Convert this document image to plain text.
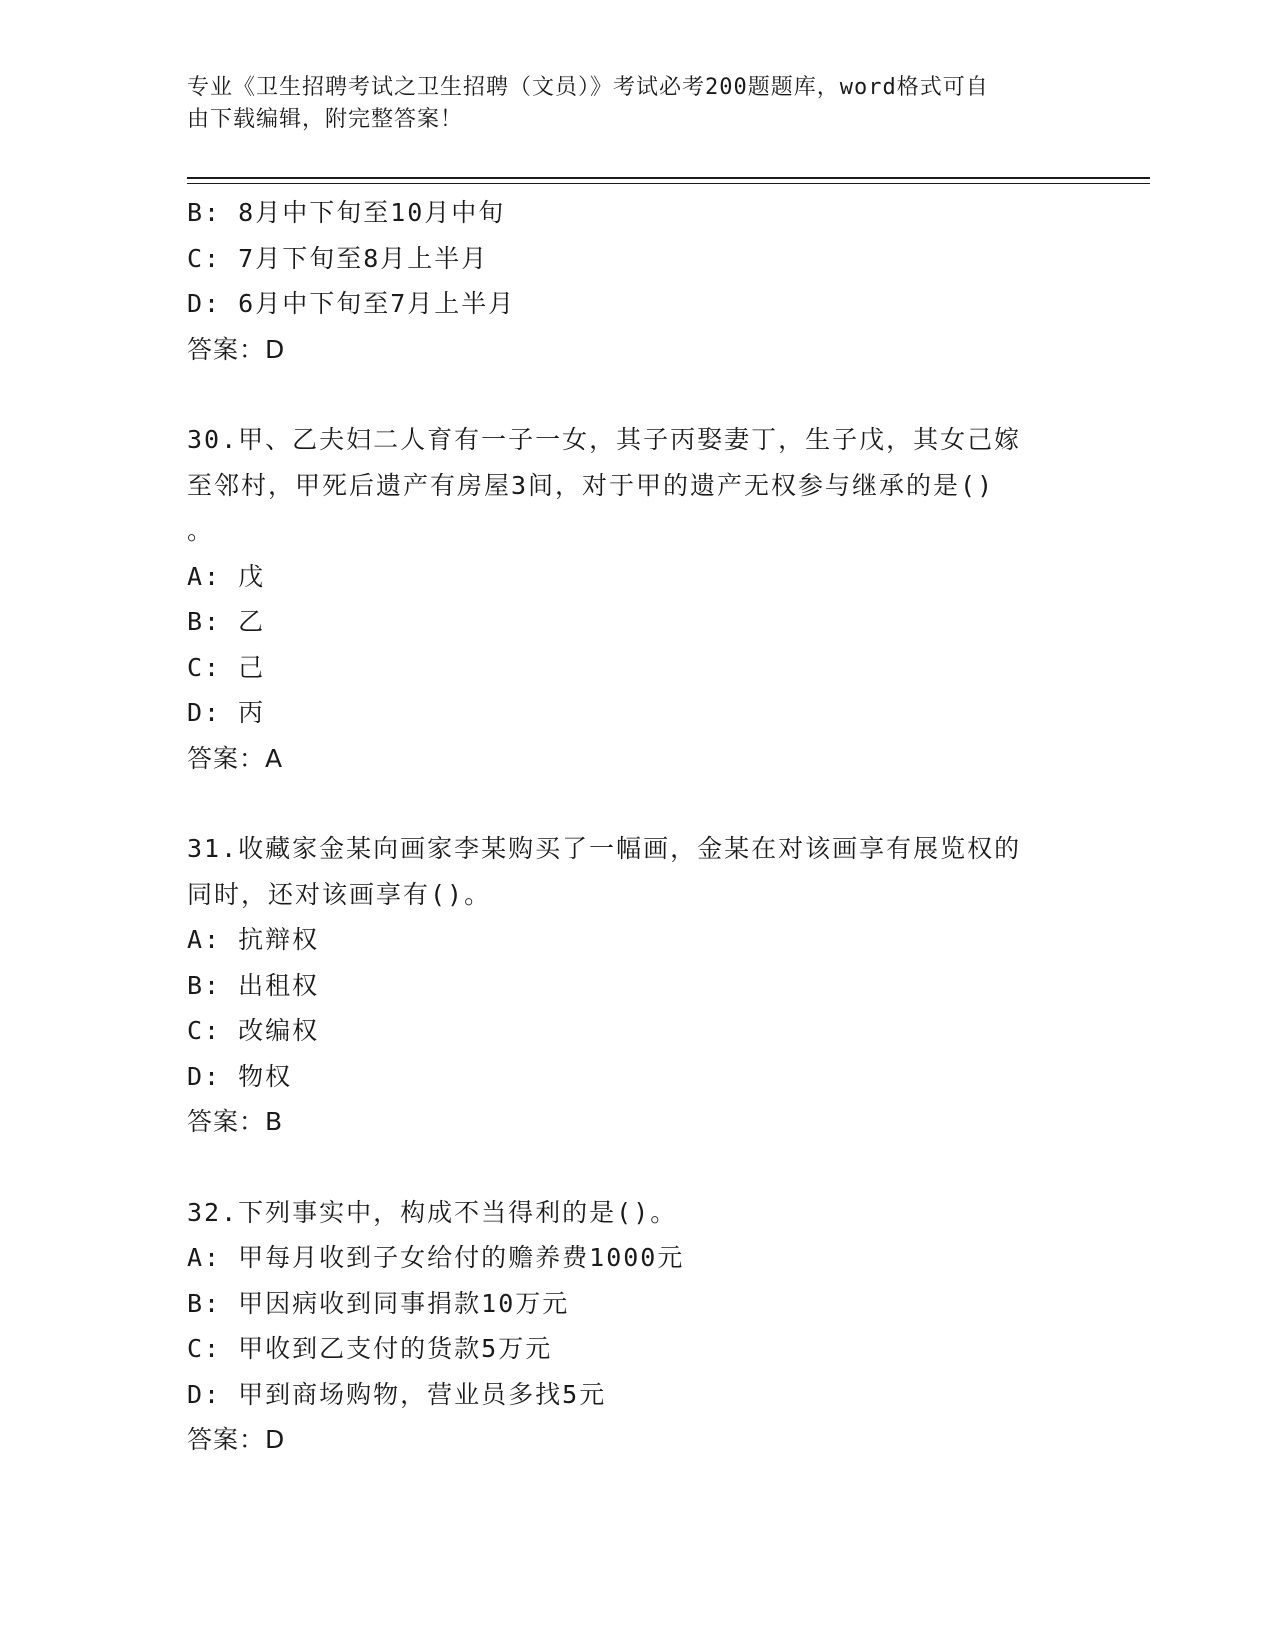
专业《卫生招聘考试之卫生招聘（文员）》考试必考200题题库，word格式可自
由下载编辑，附完整答案！
B: 8月中下旬至10月中旬
C: 7月下旬至8月上半月
D: 6月中下旬至7月上半月
答案：D
30.甲、乙夫妇二人育有一子一女，其子丙娶妻丁，生子戊，其女己嫁
至邻村，甲死后遗产有房屋3间，对于甲的遗产无权参与继承的是()
。
A: 戊
B: 乙
C: 己
D: 丙
答案：A
31.收藏家金某向画家李某购买了一幅画，金某在对该画享有展览权的
同时，还对该画享有()。
A: 抗辩权
B: 出租权
C: 改编权
D: 物权
答案：B
32.下列事实中，构成不当得利的是()。
A: 甲每月收到子女给付的赡养费1000元
B: 甲因病收到同事捐款10万元
C: 甲收到乙支付的货款5万元
D: 甲到商场购物，营业员多找5元
答案：D
